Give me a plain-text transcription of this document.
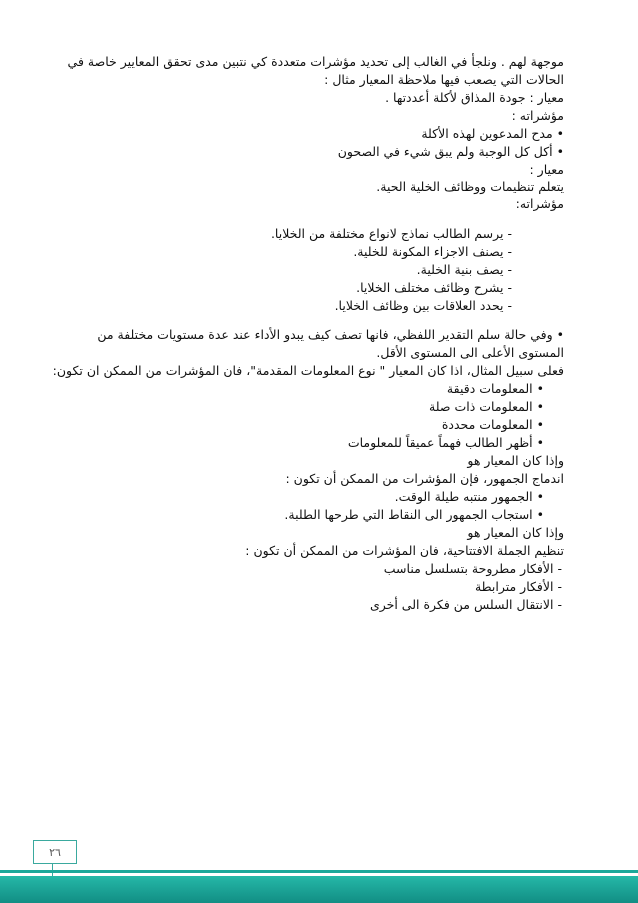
موجهة لهم . ونلجأ في الغالب إلى تحديد مؤشرات متعددة كي نتبين مدى تحقق المعايير خاصة في
الحالات التي يصعب فيها ملاحظة المعيار مثال :
معيار : جودة المذاق لأكلة أعددتها .
مؤشراته :
• مدح المدعوين لهذه الأكلة
• أكل كل الوجبة ولم يبق شيء في الصحون
معيار :
يتعلم تنظيمات ووظائف الخلية الحية.
مؤشراته:
- يرسم الطالب نماذج لانواع مختلفة من الخلايا.
- يصنف الاجزاء المكونة للخلية.
- يصف بنية الخلية.
- يشرح وظائف مختلف الخلايا.
- يحدد العلاقات بين وظائف الخلايا.
• وفي حالة سلم التقدير اللفظي، فانها تصف كيف يبدو الأداء عند عدة مستويات مختلفة من
المستوى الأعلى الى المستوى الأقل.
فعلى سبيل المثال، اذا كان المعيار " نوع المعلومات المقدمة"، فان المؤشرات من الممكن ان تكون:
• المعلومات دقيقة
• المعلومات ذات صلة
• المعلومات محددة
• أظهر الطالب فهماً عميقاً للمعلومات
وإذا كان المعيار هو
اندماج الجمهور، فإن المؤشرات من الممكن أن تكون :
• الجمهور منتبه طيلة الوقت.
• استجاب الجمهور الى النقاط التي طرحها الطلبة.
وإذا كان المعيار هو
تنظيم الجملة الافتتاحية، فان المؤشرات من الممكن أن تكون :
- الأفكار مطروحة بتسلسل مناسب
- الأفكار مترابطة
- الانتقال السلس من فكرة الى أخرى
٢٦
